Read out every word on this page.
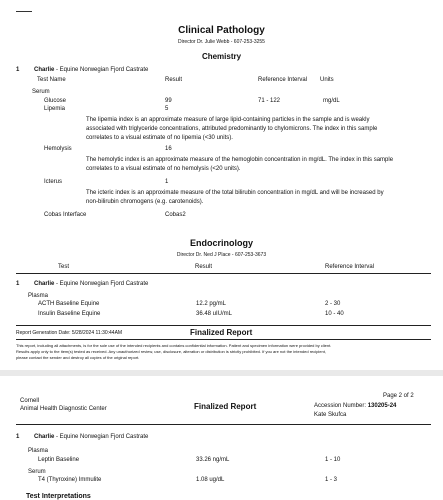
Clinical Pathology
Director Dr. Julie Webb - 607-253-3255
Chemistry
Test Name	Result	Reference Interval Units
1 Charlie - Equine Norwegian Fjord Castrate
Serum
Glucose	99	71 - 122	mg/dL
Lipemia	5
The lipemia index is an approximate measure of large lipid-containing particles in the sample and is weakly
associated with triglyceride concentrations, attributed predominantly to chylomicrons. The index in this sample
correlates to a visual estimate of no lipemia (<30 units).
Hemolysis	16
The hemolytic index is an approximate measure of the hemoglobin concentration in mg/dL. The index in this sample
correlates to a visual estimate of no hemolysis (<20 units).
Icterus	1
The icteric index is an approximate measure of the total bilirubin concentration in mg/dL and will be increased by
non-bilirubin chromogens (e.g. carotenoids).
Cobas Interface	Cobas2
Endocrinology
Director Dr. Ned J Place - 607-253-3673
Test	Result	Reference Interval
1 Charlie - Equine Norwegian Fjord Castrate
Plasma
ACTH Baseline Equine	12.2 pg/mL	2 - 30
Insulin Baseline Equine	36.48 uIU/mL	10 - 40
Report Generation Date: 5/28/2024 11:30:44AM	Finalized Report
This report, including all attachments, is for the sole use of the intended recipients and contains confidential information. Patient and specimen information were provided by client.
Results apply only to the item(s) tested as received. Any unauthorized review, use, disclosure, alteration or distribution is strictly prohibited. If you are not the intended recipient,
please contact the sender and destroy all copies of the original report.
Cornell
Animal Health Diagnostic Center	Finalized Report
Page 2 of 2
Accession Number: 130205-24
Kate Skufca
1 Charlie - Equine Norwegian Fjord Castrate
Plasma
Leptin Baseline	33.26 ng/mL	1 - 10
Serum
T4 (Thyroxine) Immulite	1.08 ug/dL	1 - 3
Test Interpretations
